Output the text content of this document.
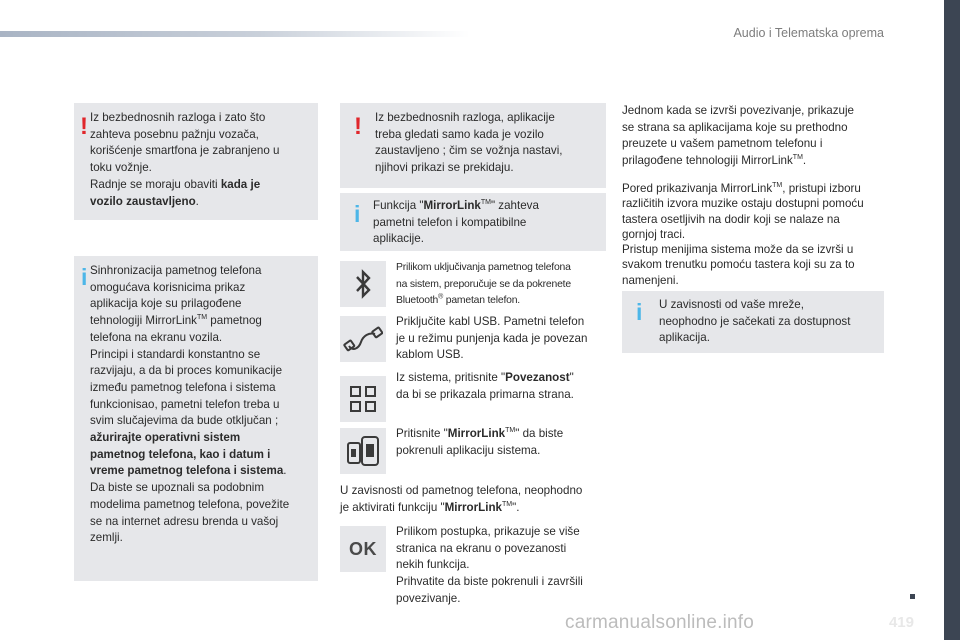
Audio i Telematska oprema
! Iz bezbednosnih razloga i zato što
zahteva posebnu pažnju vozača,
korišćenje smartfona je zabranjeno u
toku vožnje.
Radnje se moraju obaviti kada je
vozilo zaustavljeno.
i Sinhronizacija pametnog telefona
omogućava korisnicima prikaz
aplikacija koje su prilagođene
tehnologiji MirrorLink™ pametnog
telefona na ekranu vozila.
Principi i standardi konstantno se
razvijaju, a da bi proces komunikacije
između pametnog telefona i sistema
funkcionisao, pametni telefon treba u
svim slučajevima da bude otključan ;
ažurirajte operativni sistem
pametnog telefona, kao i datum i
vreme pametnog telefona i sistema.
Da biste se upoznali sa podobnim
modelima pametnog telefona, povežite
se na internet adresu brenda u vašoj
zemlji.
! Iz bezbednosnih razloga, aplikacije
treba gledati samo kada je vozilo
zaustavljeno ; čim se vožnja nastavi,
njihovi prikazi se prekidaju.
i Funkcija "MirrorLink™" zahteva
pametni telefon i kompatibilne
aplikacije.
Prilikom uključivanja pametnog telefona
na sistem, preporučuje se da pokrenete
Bluetooth® pametan telefon.
Priključite kabl USB. Pametni telefon
je u režimu punjenja kada je povezan
kablom USB.
Iz sistema, pritisnite "Povezanost"
da bi se prikazala primarna strana.
Pritisnite "MirrorLink™" da biste
pokrenuli aplikaciju sistema.
U zavisnosti od pametnog telefona, neophodno
je aktivirati funkciju "MirrorLink™".
OK
Prilikom postupka, prikazuje se više
stranica na ekranu o povezanosti
nekih funkcija.
Prihvatite da biste pokrenuli i završili
povezivanje.
Jednom kada se izvrši povezivanje, prikazuje
se strana sa aplikacijama koje su prethodno
preuzete u vašem pametnom telefonu i
prilagođene tehnologiji MirrorLink™.
Pored prikazivanja MirrorLink™, pristupi izboru
različitih izvora muzike ostaju dostupni pomoću
tastera osetljivih na dodir koji se nalaze na
gornjoj traci.
Pristup menijima sistema može da se izvrši u
svakom trenutku pomoću tastera koji su za to
namenjeni.
i U zavisnosti od vaše mreže,
neophodno je sačekati za dostupnost
aplikacija.
carmanualsonline.info	419
